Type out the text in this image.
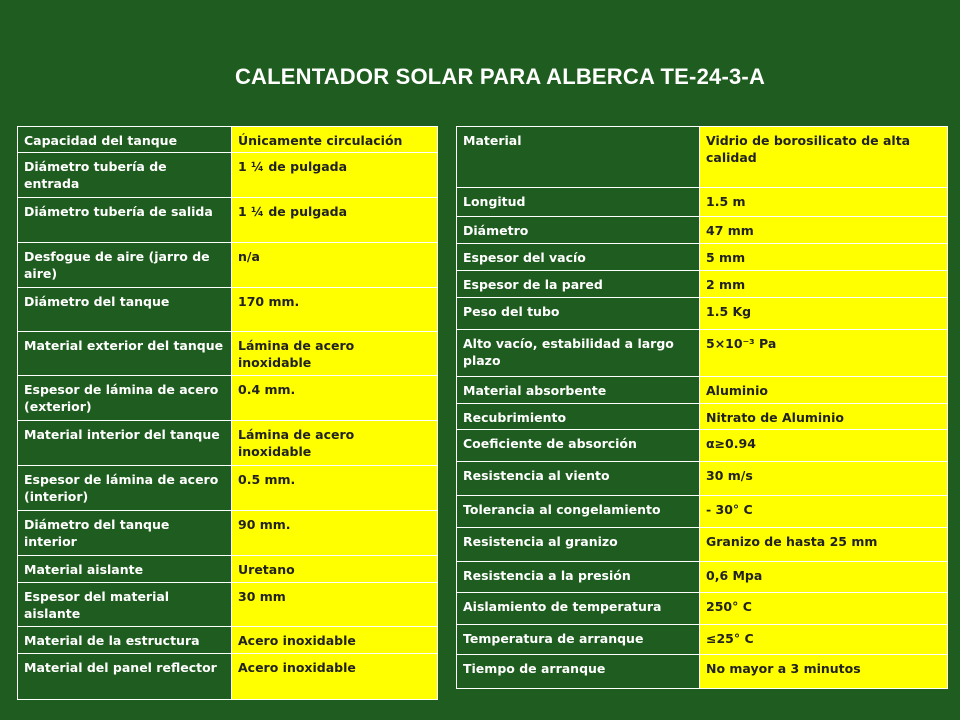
CALENTADOR SOLAR PARA ALBERCA TE-24-3-A
Capacidad del tanque	Únicamente circulación
Diámetro tubería de entrada	1 ¼ de pulgada
Diámetro tubería de salida	1 ¼ de pulgada
Desfogue de aire (jarro de aire)	n/a
Diámetro del tanque	170 mm.
Material exterior del tanque	Lámina de acero inoxidable
Espesor de lámina de acero (exterior)	0.4 mm.
Material interior del tanque	Lámina de acero inoxidable
Espesor de lámina de acero (interior)	0.5 mm.
Diámetro del tanque interior	90 mm.
Material aislante	Uretano
Espesor del material aislante	30 mm
Material de la estructura	Acero inoxidable
Material del panel reflector	Acero inoxidable
Material	Vidrio de borosilicato de alta calidad
Longitud	1.5 m
Diámetro	47 mm
Espesor del vacío	5 mm
Espesor de la pared	2 mm
Peso del tubo	1.5 Kg
Alto vacío, estabilidad a largo plazo	5×10⁻³ Pa
Material absorbente	Aluminio
Recubrimiento	Nitrato de Aluminio
Coeficiente de absorción	α≥0.94
Resistencia al viento	30 m/s
Tolerancia al congelamiento	- 30° C
Resistencia al granizo	Granizo de hasta 25 mm
Resistencia a la presión	0,6 Mpa
Aislamiento de temperatura	250° C
Temperatura de arranque	≤25° C
Tiempo de arranque	No mayor a 3 minutos
